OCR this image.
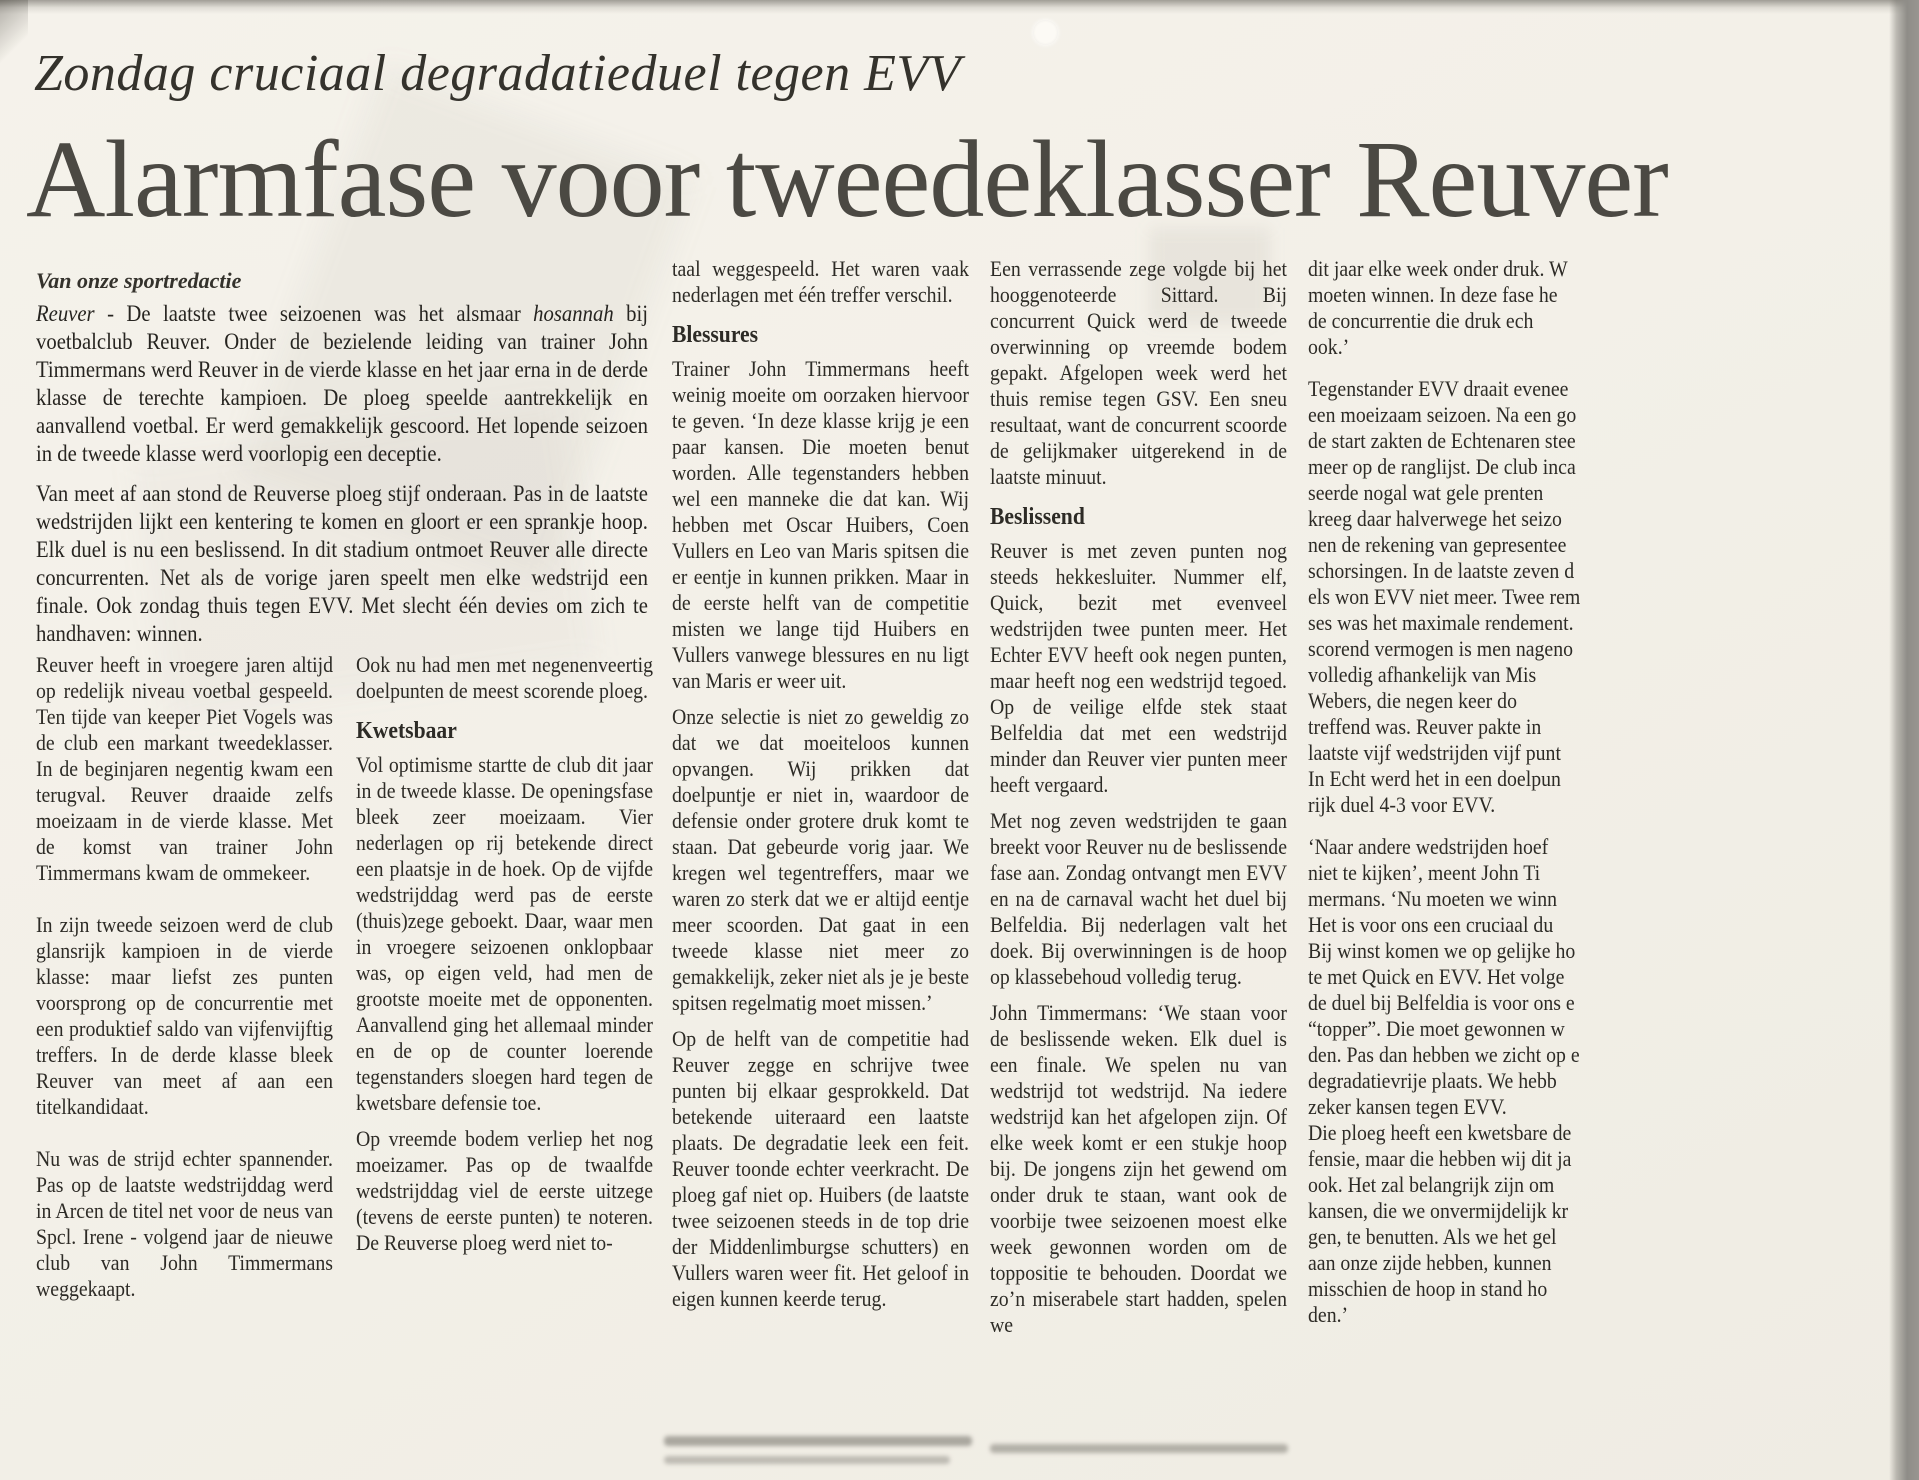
Zondag cruciaal degradatieduel tegen EVV
Alarmfase voor tweedeklasser Reuver
Van onze sportredactie

Reuver - De laatste twee seizoenen was het alsmaar hosannah bij voetbalclub Reuver. Onder de bezielende leiding van trainer John Timmermans werd Reuver in de vierde klasse en het jaar erna in de derde klasse de terechte kampioen. De ploeg speelde aantrekkelijk en aanvallend voetbal. Er werd gemakkelijk gescoord. Het lopende seizoen in de tweede klasse werd voorlopig een deceptie.

Van meet af aan stond de Reuverse ploeg stijf onderaan. Pas in de laatste wedstrijden lijkt een kentering te komen en gloort er een sprankje hoop. Elk duel is nu een beslissend. In dit stadium ontmoet Reuver alle directe concurrenten. Net als de vorige jaren speelt men elke wedstrijd een finale. Ook zondag thuis tegen EVV. Met slecht één devies om zich te handhaven: winnen.

Reuver heeft in vroegere jaren altijd op redelijk niveau voetbal gespeeld. Ten tijde van keeper Piet Vogels was de club een markant tweedeklasser. In de beginjaren negentig kwam een terugval. Reuver draaide zelfs moeizaam in de vierde klasse. Met de komst van trainer John Timmermans kwam de ommekeer.

In zijn tweede seizoen werd de club glansrijk kampioen in de vierde klasse: maar liefst zes punten voorsprong op de concurrentie met een produktief saldo van vijfenvijftig treffers. In de derde klasse bleek Reuver van meet af aan een titelkandidaat.

Nu was de strijd echter spannender. Pas op de laatste wedstrijddag werd in Arcen de titel net voor de neus van Spcl. Irene - volgend jaar de nieuwe club van John Timmermans weggekaapt.

Ook nu had men met negenenveertig doelpunten de meest scorende ploeg.

Kwetsbaar

Vol optimisme startte de club dit jaar in de tweede klasse. De openingsfase bleek zeer moeizaam. Vier nederlagen op rij betekende direct een plaatsje in de hoek. Op de vijfde wedstrijddag werd pas de eerste (thuis)zege geboekt. Daar, waar men in vroegere seizoenen onklopbaar was, op eigen veld, had men de grootste moeite met de opponenten. Aanvallend ging het allemaal minder en de op de counter loerende tegenstanders sloegen hard tegen de kwetsbare defensie toe.

Op vreemde bodem verliep het nog moeizamer. Pas op de twaalfde wedstrijddag viel de eerste uitzege (tevens de eerste punten) te noteren. De Reuverse ploeg werd niet to-

taal weggespeeld. Het waren vaak nederlagen met één treffer verschil.

Blessures

Trainer John Timmermans heeft weinig moeite om oorzaken hiervoor te geven. ‘In deze klasse krijg je een paar kansen. Die moeten benut worden. Alle tegenstanders hebben wel een manneke die dat kan. Wij hebben met Oscar Huibers, Coen Vullers en Leo van Maris spitsen die er eentje in kunnen prikken. Maar in de eerste helft van de competitie misten we lange tijd Huibers en Vullers vanwege blessures en nu ligt van Maris er weer uit.

Onze selectie is niet zo geweldig zo dat we dat moeiteloos kunnen opvangen. Wij prikken dat doelpuntje er niet in, waardoor de defensie onder grotere druk komt te staan. Dat gebeurde vorig jaar. We kregen wel tegentreffers, maar we waren zo sterk dat we er altijd eentje meer scoorden. Dat gaat in een tweede klasse niet meer zo gemakkelijk, zeker niet als je je beste spitsen regelmatig moet missen.’

Op de helft van de competitie had Reuver zegge en schrijve twee punten bij elkaar gesprokkeld. Dat betekende uiteraard een laatste plaats. De degradatie leek een feit. Reuver toonde echter veerkracht. De ploeg gaf niet op. Huibers (de laatste twee seizoenen steeds in de top drie der Middenlimburgse schutters) en Vullers waren weer fit. Het geloof in eigen kunnen keerde terug.

Een verrassende zege volgde bij het hooggenoteerde Sittard. Bij concurrent Quick werd de tweede overwinning op vreemde bodem gepakt. Afgelopen week werd het thuis remise tegen GSV. Een sneu resultaat, want de concurrent scoorde de gelijkmaker uitgerekend in de laatste minuut.

Beslissend

Reuver is met zeven punten nog steeds hekkesluiter. Nummer elf, Quick, bezit met evenveel wedstrijden twee punten meer. Het Echter EVV heeft ook negen punten, maar heeft nog een wedstrijd tegoed. Op de veilige elfde stek staat Belfeldia dat met een wedstrijd minder dan Reuver vier punten meer heeft vergaard.

Met nog zeven wedstrijden te gaan breekt voor Reuver nu de beslissende fase aan. Zondag ontvangt men EVV en na de carnaval wacht het duel bij Belfeldia. Bij nederlagen valt het doek. Bij overwinningen is de hoop op klassebehoud volledig terug.

John Timmermans: ‘We staan voor de beslissende weken. Elk duel is een finale. We spelen nu van wedstrijd tot wedstrijd. Na iedere wedstrijd kan het afgelopen zijn. Of elke week komt er een stukje hoop bij. De jongens zijn het gewend om onder druk te staan, want ook de voorbije twee seizoenen moest elke week gewonnen worden om de toppositie te behouden. Doordat we zo’n miserabele start hadden, spelen we

dit jaar elke week onder druk. W
moeten winnen. In deze fase he
de concurrentie die druk ech
ook.’
Tegenstander EVV draait evenee
een moeizaam seizoen. Na een go
de start zakten de Echtenaren stee
meer op de ranglijst. De club inca
seerde nogal wat gele prenten
kreeg daar halverwege het seizo
nen de rekening van gepresentee
schorsingen. In de laatste zeven d
els won EVV niet meer. Twee rem
ses was het maximale rendement.
scorend vermogen is men nageno
volledig afhankelijk van Mis
Webers, die negen keer do
treffend was. Reuver pakte in
laatste vijf wedstrijden vijf punt
In Echt werd het in een doelpun
rijk duel 4-3 voor EVV.
‘Naar andere wedstrijden hoef
niet te kijken’, meent John Ti
mermans. ‘Nu moeten we winn
Het is voor ons een cruciaal du
Bij winst komen we op gelijke ho
te met Quick en EVV. Het volge
de duel bij Belfeldia is voor ons e
“topper”. Die moet gewonnen w
den. Pas dan hebben we zicht op e
degradatievrije plaats. We hebb
zeker kansen tegen EVV.
Die ploeg heeft een kwetsbare de
fensie, maar die hebben wij dit ja
ook. Het zal belangrijk zijn om
kansen, die we onvermijdelijk kr
gen, te benutten. Als we het gel
aan onze zijde hebben, kunnen
misschien de hoop in stand ho
den.’
